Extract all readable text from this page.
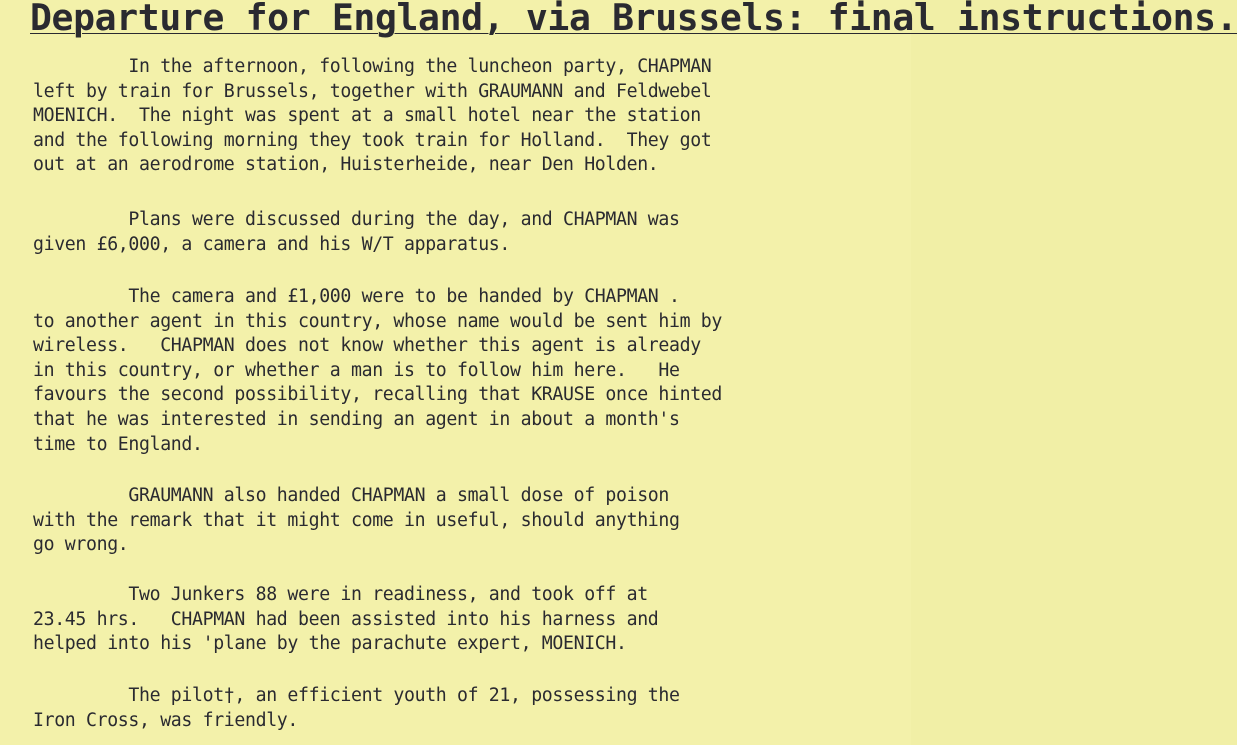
Departure for England, via Brussels: final instructions.
In the afternoon, following the luncheon party, CHAPMAN
left by train for Brussels, together with GRAUMANN and Feldwebel
MOENICH.  The night was spent at a small hotel near the station
and the following morning they took train for Holland.  They got
out at an aerodrome station, Huisterheide, near Den Holden.
Plans were discussed during the day, and CHAPMAN was
given £6,000, a camera and his W/T apparatus.
The camera and £1,000 were to be handed by CHAPMAN .
to another agent in this country, whose name would be sent him by
wireless.   CHAPMAN does not know whether this agent is already
in this country, or whether a man is to follow him here.   He
favours the second possibility, recalling that KRAUSE once hinted
that he was interested in sending an agent in about a month's
time to England.
GRAUMANN also handed CHAPMAN a small dose of poison
with the remark that it might come in useful, should anything
go wrong.
Two Junkers 88 were in readiness, and took off at
23.45 hrs.   CHAPMAN had been assisted into his harness and
helped into his 'plane by the parachute expert, MOENICH.
The pilot†, an efficient youth of 21, possessing the
Iron Cross, was friendly.
